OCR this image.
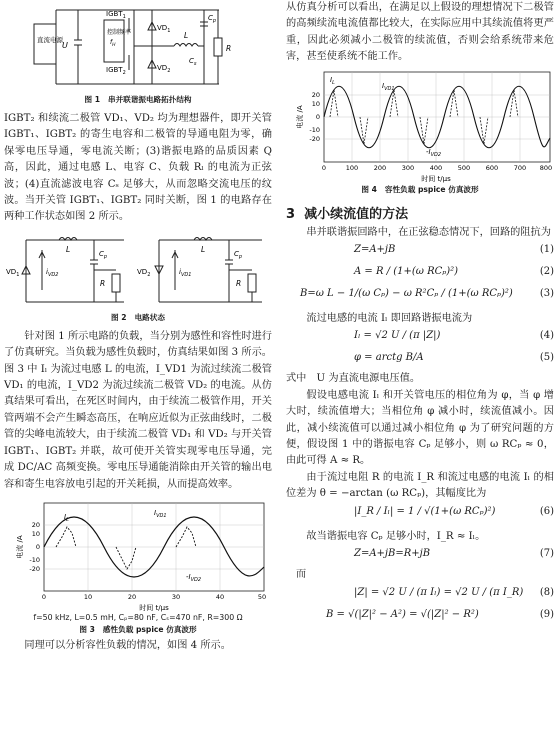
直流电源
U
$IGBT_1$
$IGBT_2$
控制频率
$f_H$
$VD_1$
$VD_2$
L
$C_p$
$C_s$
R

图 1 串并联谐振电路拓扑结构

IGBT₂ 和续流二极管 VD₁、VD₂ 均为理想器件，即开关管 IGBT₁、IGBT₂ 的寄生电容和二极管的导通电阻为零，确保零电压导通，零电流关断；(3)谐振电路的品质因素 Q 高，因此，通过电感 L、电容 C、负载 Rₗ 的电流为正弦波；(4)直流滤波电容 Cₛ 足够大，从而忽略交流电压的纹波。当开关管 IGBT₁、IGBT₂ 同时关断，图 1 的电路存在两种工作状态如图 2 所示。

$VD_1$	$i_{VD2}$
L	$C_p$
R
$VD_2$	$i_{VD1}$
L	$C_p$
R

图 2 电路状态

针对图 1 所示电路的负载，当分别为感性和容性时进行了仿真研究。当负载为感性负载时，仿真结果如图 3 所示。图 3 中 Iₗ 为流过电感 L 的电流，I_VD1 为流过续流二极管 VD₁ 的电流，I_VD2 为流过续流二极管 VD₂ 的电流。从仿真结果可看出，在死区时间内，由于续流二极管作用，开关管两端不会产生瞬态高压，在响应近似为正弦曲线时，二极管的尖峰电流较大，由于续流二极管 VD₁ 和 VD₂ 与开关管 IGBT₁、IGBT₂ 并联，故可使开关管实现零电压导通，完成 DC/AC 高频变换。零电压导通能消除由开关管的输出电容和寄生电容放电引起的开关耗损，从而提高效率。

20
10
0
-10
-20
0	10	20	30	40	50
电流 /A
时间 t/μs
$I_L$
$I_{VD1}$
$-I_{VD2}$

f=50 kHz, L=0.5 mH, Cₚ=80 nF, Cₛ=470 nF, R=300 Ω

图 3 感性负载 pspice 仿真波形

同理可以分析容性负载的情况，如图 4 所示。

从仿真分析可以看出，在满足以上假设的理想情况下二极管的高频续流电流值都比较大，在实际应用中其续流值将更严重，因此必须减小二极管的续流值，否则会给系统带来危害，甚至使系统不能工作。

20
10
0
-10
-20
0	100 200 300 400 500 600 700 800
电流 /A
时间 t/μs
$I_L$	$I_{VD1}$
$-I_{VD2}$

图 4 容性负载 pspice 仿真波形

3 减小续流值的方法

串并联谐振回路中，在正弦稳态情况下，回路的阻抗为

Z=A+jB	(1)
A = R / (1+(ω RCₚ)²)	(2)
B=ω L − 1/(ω Cₚ) − ω R²Cₚ / (1+(ω RCₚ)²)	(3)

流过电感的电流 Iₗ 即回路谐振电流为

Iₗ = √2 U / (π |Z|)	(4)
φ = arctg B/A	(5)

式中　U 为直流电源电压值。

假设电感电流 Iₗ 和开关管电压的相位角为 φ，当 φ 增大时，续流值增大；当相位角 φ 减小时，续流值减小。因此，减小续流值可以通过减小相位角 φ 为了研究问题的方便，假设图 1 中的谐振电容 Cₚ 足够小，则 ω RCₚ ≈ 0，由此可得 A ≈ R。

由于流过电阻 R 的电流 I_R 和流过电感的电流 Iₗ 的相位差为 θ = −arctan (ω RCₚ)，其幅度比为

|I_R / Iₗ| = 1 / √(1+(ω RCₚ)²)	(6)

故当谐振电容 Cₚ 足够小时，I_R ≈ Iₗ。

Z=A+jB=R+jB	(7)

而

|Z| = √2 U / (π Iₗ) = √2 U / (π I_R) (8)
B = √(|Z|² − A²) = √(|Z|² − R²)	(9)
